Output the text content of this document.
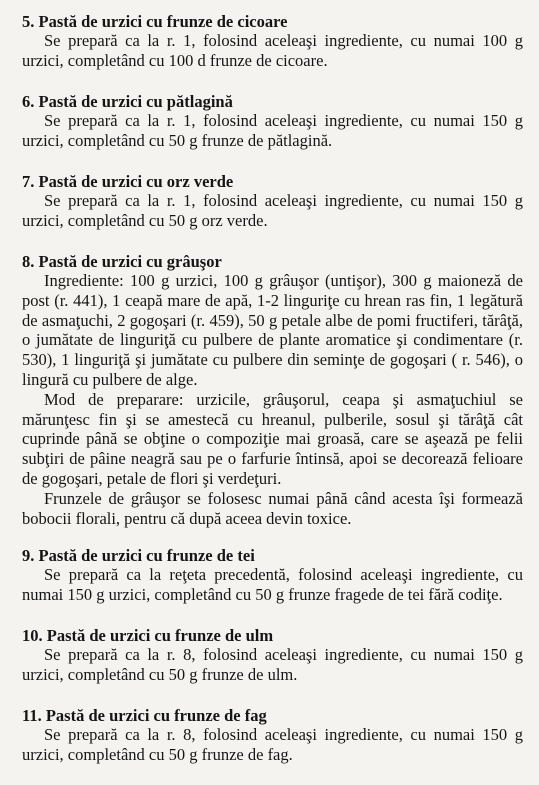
5. Pastă de urzici cu frunze de cicoare

Se prepară ca la r. 1, folosind aceleaşi ingrediente, cu numai 100 g urzici, completând cu 100 d frunze de cicoare.

6. Pastă de urzici cu pătlagină

Se prepară ca la r. 1, folosind aceleaşi ingrediente, cu numai 150 g urzici, completând cu 50 g frunze de pătlagină.

7. Pastă de urzici cu orz verde

Se prepară ca la r. 1, folosind aceleaşi ingrediente, cu numai 150 g urzici, completând cu 50 g orz verde.

8. Pastă de urzici cu grâuşor

Ingrediente: 100 g urzici, 100 g grâuşor (untişor), 300 g maioneză de post (r. 441), 1 ceapă mare de apă, 1-2 linguriţe cu hrean ras fin, 1 legătură de asmaţuchi, 2 gogoşari (r. 459), 50 g petale albe de pomi fructiferi, tărâţă, o jumătate de linguriţă cu pulbere de plante aromatice şi condimentare (r. 530), 1 linguriţă şi jumătate cu pulbere din seminţe de gogoşari ( r. 546), o lingură cu pulbere de alge.

Mod de preparare: urzicile, grâuşorul, ceapa şi asmaţuchiul se mărunţesc fin şi se amestecă cu hreanul, pulberile, sosul şi tărâţă cât cuprinde până se obţine o compoziţie mai groasă, care se aşează pe felii subţiri de pâine neagră sau pe o farfurie întinsă, apoi se decorează felioare de gogoşari, petale de flori şi verdeţuri.

Frunzele de grâuşor se folosesc numai până când acesta îşi formează bobocii florali, pentru că după aceea devin toxice.

9. Pastă de urzici cu frunze de tei

Se prepară ca la reţeta precedentă, folosind aceleaşi ingrediente, cu numai 150 g urzici, completând cu 50 g frunze fragede de tei fără codiţe.

10. Pastă de urzici cu frunze de ulm

Se prepară ca la r. 8, folosind aceleaşi ingrediente, cu numai 150 g urzici, completând cu 50 g frunze de ulm.

11. Pastă de urzici cu frunze de fag

Se prepară ca la r. 8, folosind aceleaşi ingrediente, cu numai 150 g urzici, completând cu 50 g frunze de fag.
